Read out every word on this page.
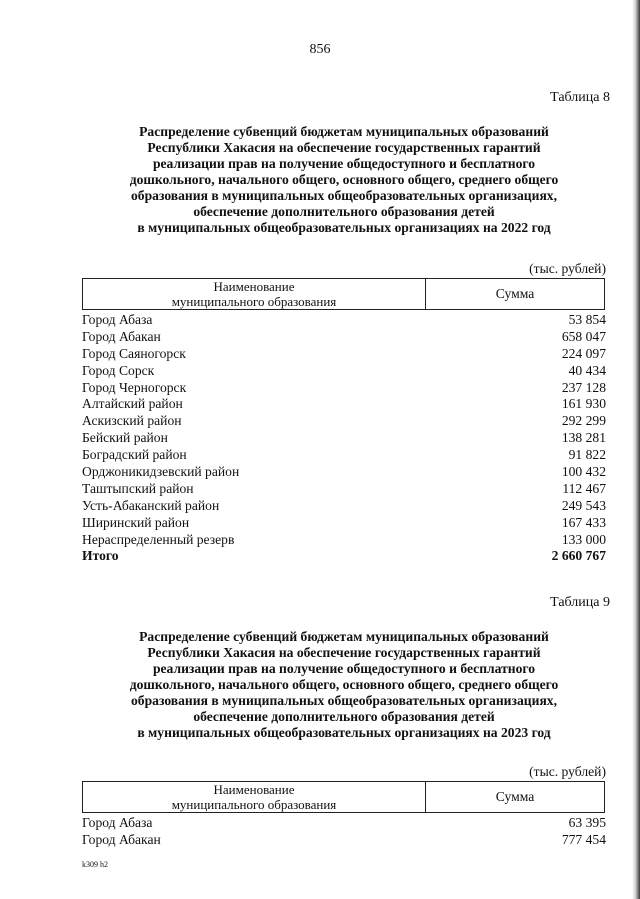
856
Таблица 8
Распределение субвенций бюджетам муниципальных образований
Республики Хакасия на обеспечение государственных гарантий
реализации прав на получение общедоступного и бесплатного
дошкольного, начального общего, основного общего, среднего общего
образования в муниципальных общеобразовательных организациях,
обеспечение дополнительного образования детей
в муниципальных общеобразовательных организациях на 2022 год
(тыс. рублей)
Наименование
муниципального образования	Сумма
Город Абаза	53 854
Город Абакан	658 047
Город Саяногорск	224 097
Город Сорск	40 434
Город Черногорск	237 128
Алтайский район	161 930
Аскизский район	292 299
Бейский район	138 281
Боградский район	91 822
Орджоникидзевский район	100 432
Таштыпский район	112 467
Усть-Абаканский район	249 543
Ширинский район	167 433
Нераспределенный резерв	133 000
Итого	2 660 767
Таблица 9
Распределение субвенций бюджетам муниципальных образований
Республики Хакасия на обеспечение государственных гарантий
реализации прав на получение общедоступного и бесплатного
дошкольного, начального общего, основного общего, среднего общего
образования в муниципальных общеобразовательных организациях,
обеспечение дополнительного образования детей
в муниципальных общеобразовательных организациях на 2023 год
(тыс. рублей)
Наименование
муниципального образования	Сумма
Город Абаза	63 395
Город Абакан	777 454
k309 h2
